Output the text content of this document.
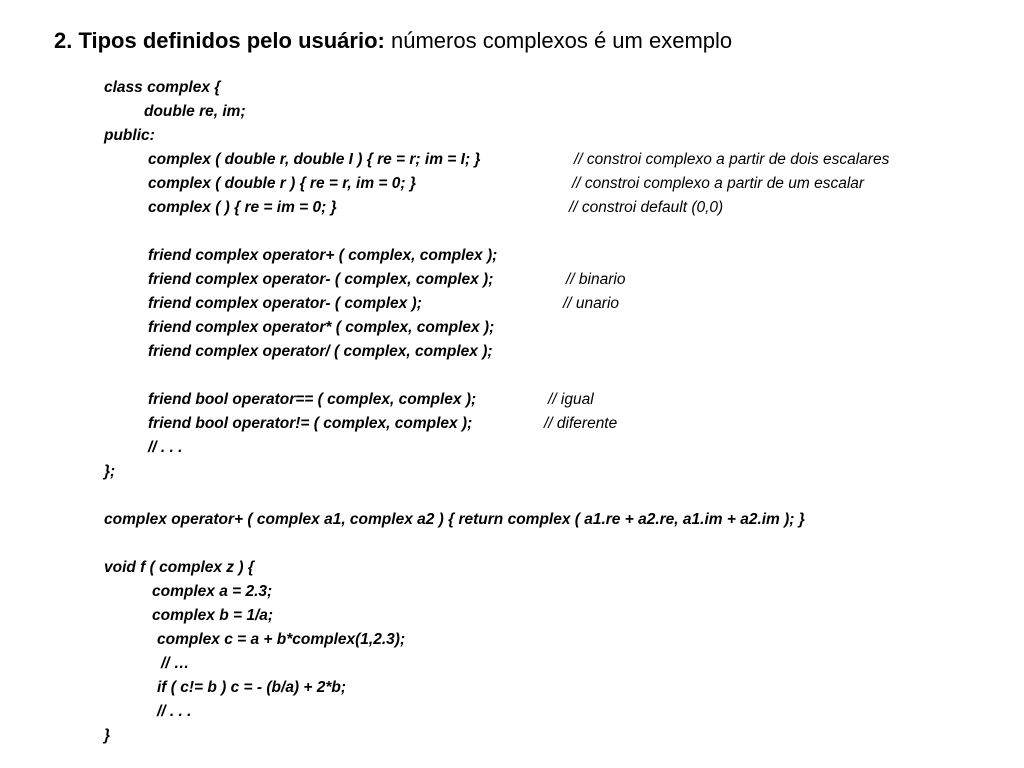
2. Tipos definidos pelo usuário: números complexos é um exemplo
class complex {
double re, im;
public:
complex ( double r, double I ) { re = r; im = I; }	// constroi complexo a partir de dois escalares
complex ( double r ) { re = r, im = 0; }	// constroi complexo a partir de um escalar
complex ( ) { re = im = 0; }	// constroi default (0,0)
friend complex operator+ ( complex, complex );
friend complex operator- ( complex, complex );	// binario
friend complex operator- ( complex );	// unario
friend complex operator* ( complex, complex );
friend complex operator/ ( complex, complex );
friend bool operator== ( complex, complex );	// igual
friend bool operator!= ( complex, complex );	// diferente
// . . .
};
complex operator+ ( complex a1, complex a2 ) { return complex ( a1.re + a2.re, a1.im + a2.im ); }
void f ( complex z ) {
complex a = 2.3;
complex b = 1/a;
complex c = a + b*complex(1,2.3);
// …
if ( c!= b ) c = - (b/a) + 2*b;
// . . .
}
